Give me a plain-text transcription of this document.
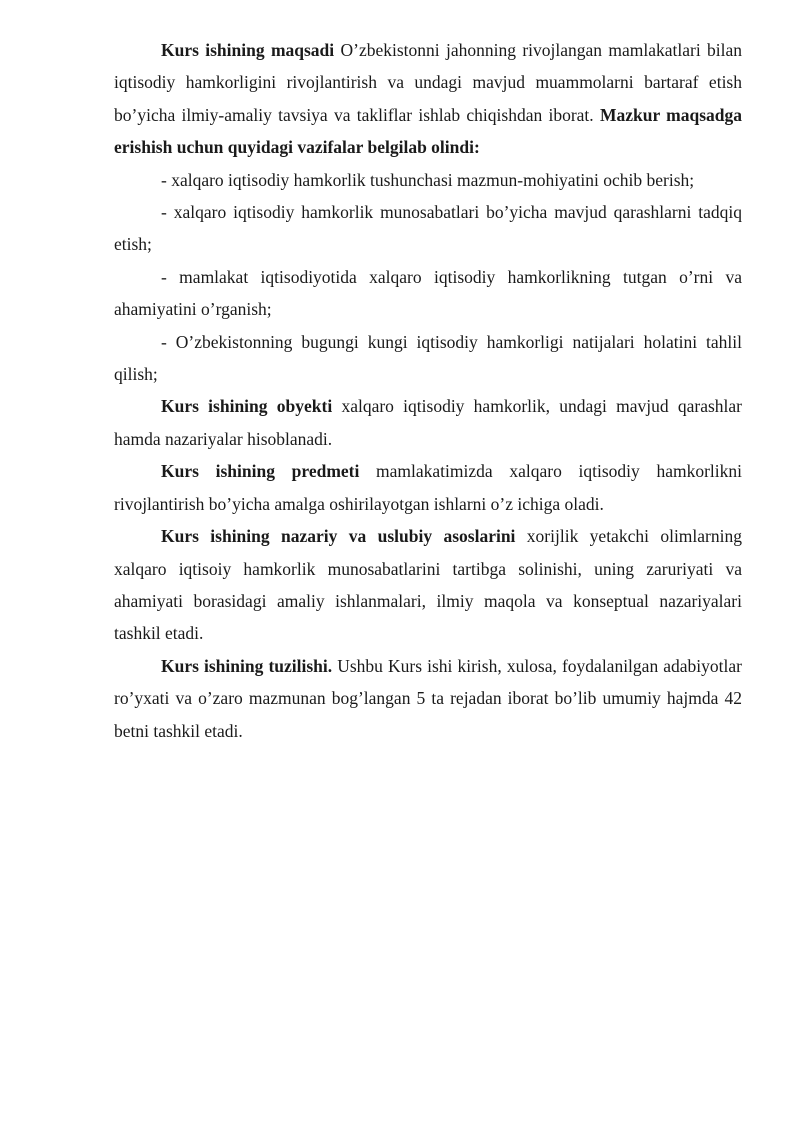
Kurs ishining maqsadi O’zbekistonni jahonning rivojlangan mamlakatlari bilan iqtisodiy hamkorligini rivojlantirish va undagi mavjud muammolarni bartaraf etish bo’yicha ilmiy-amaliy tavsiya va takliflar ishlab chiqishdan iborat. Mazkur maqsadga erishish uchun quyidagi vazifalar belgilab olindi:

- xalqaro iqtisodiy hamkorlik tushunchasi mazmun-mohiyatini ochib berish;

- xalqaro iqtisodiy hamkorlik munosabatlari bo’yicha mavjud qarashlarni tadqiq etish;

- mamlakat iqtisodiyotida xalqaro iqtisodiy hamkorlikning tutgan o’rni va ahamiyatini o’rganish;

- O’zbekistonning bugungi kungi iqtisodiy hamkorligi natijalari holatini tahlil qilish;

Kurs ishining obyekti xalqaro iqtisodiy hamkorlik, undagi mavjud qarashlar hamda nazariyalar hisoblanadi.

Kurs ishining predmeti mamlakatimizda xalqaro iqtisodiy hamkorlikni rivojlantirish bo’yicha amalga oshirilayotgan ishlarni o’z ichiga oladi.

Kurs ishining nazariy va uslubiy asoslarini xorijlik yetakchi olimlarning xalqaro iqtisoiy hamkorlik munosabatlarini tartibga solinishi, uning zaruriyati va ahamiyati borasidagi amaliy ishlanmalari, ilmiy maqola va konseptual nazariyalari tashkil etadi.

Kurs ishining tuzilishi. Ushbu Kurs ishi kirish, xulosa, foydalanilgan adabiyotlar ro’yxati va o’zaro mazmunan bog’langan 5 ta rejadan iborat bo’lib umumiy hajmda 42 betni tashkil etadi.
